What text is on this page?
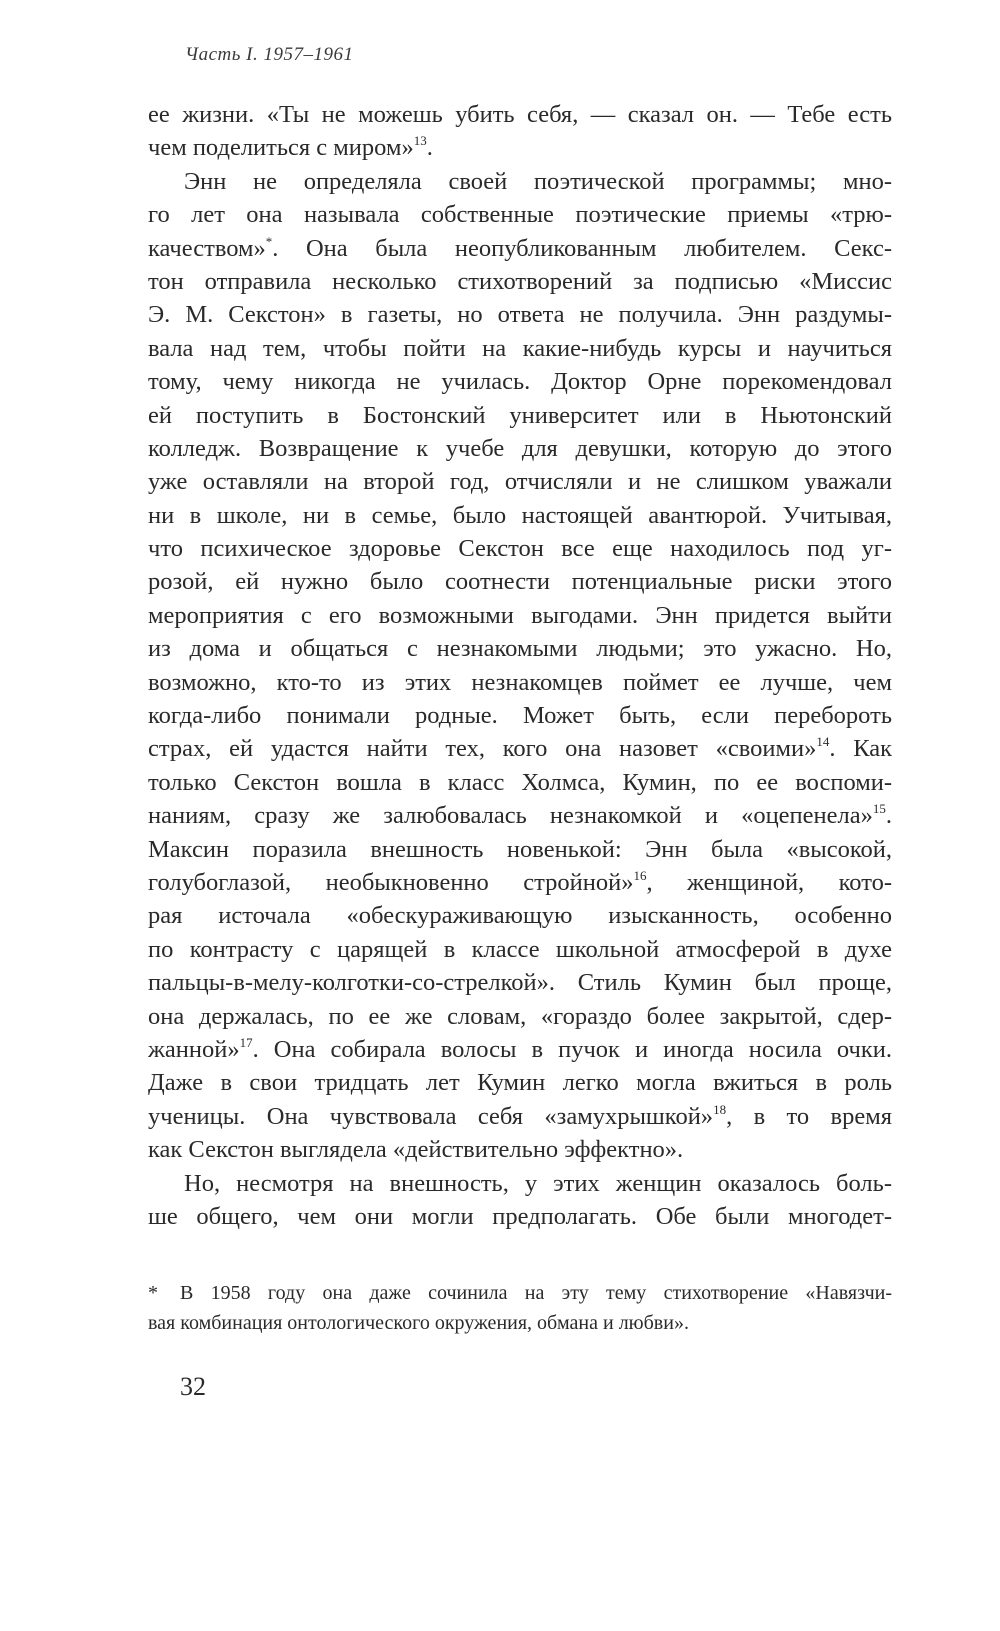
Часть I. 1957–1961
ее жизни. «Ты не можешь убить себя, — сказал он. — Тебе есть
чем поделиться с миром»$^{13}$.
Энн не определяла своей поэтической программы; мно-
го лет она называла собственные поэтические приемы «трю-
качеством»*. Она была неопубликованным любителем. Секс-
тон отправила несколько стихотворений за подписью «Миссис
Э. М. Секстон» в газеты, но ответа не получила. Энн раздумы-
вала над тем, чтобы пойти на какие-нибудь курсы и научиться
тому, чему никогда не училась. Доктор Орне порекомендовал
ей поступить в Бостонский университет или в Ньютонский
колледж. Возвращение к учебе для девушки, которую до этого
уже оставляли на второй год, отчисляли и не слишком уважали
ни в школе, ни в семье, было настоящей авантюрой. Учитывая,
что психическое здоровье Секстон все еще находилось под уг-
розой, ей нужно было соотнести потенциальные риски этого
мероприятия с его возможными выгодами. Энн придется выйти
из дома и общаться с незнакомыми людьми; это ужасно. Но,
возможно, кто-то из этих незнакомцев поймет ее лучше, чем
когда-либо понимали родные. Может быть, если перебороть
страх, ей удастся найти тех, кого она назовет «своими»$^{14}$. Как
только Секстон вошла в класс Холмса, Кумин, по ее воспоми-
наниям, сразу же залюбовалась незнакомкой и «оцепенела»$^{15}$.
Максин поразила внешность новенькой: Энн была «высокой,
голубоглазой, необыкновенно стройной»$^{16}$, женщиной, кото-
рая источала «обескураживающую изысканность, особенно
по контрасту с царящей в классе школьной атмосферой в духе
пальцы-в-мелу-колготки-со-стрелкой». Стиль Кумин был проще,
она держалась, по ее же словам, «гораздо более закрытой, сдер-
жанной»$^{17}$. Она собирала волосы в пучок и иногда носила очки.
Даже в свои тридцать лет Кумин легко могла вжиться в роль
ученицы. Она чувствовала себя «замухрышкой»$^{18}$, в то время
как Секстон выглядела «действительно эффектно».
Но, несмотря на внешность, у этих женщин оказалось боль-
ше общего, чем они могли предполагать. Обе были многодет-
* В 1958 году она даже сочинила на эту тему стихотворение «Навязчи-
вая комбинация онтологического окружения, обмана и любви».
32
